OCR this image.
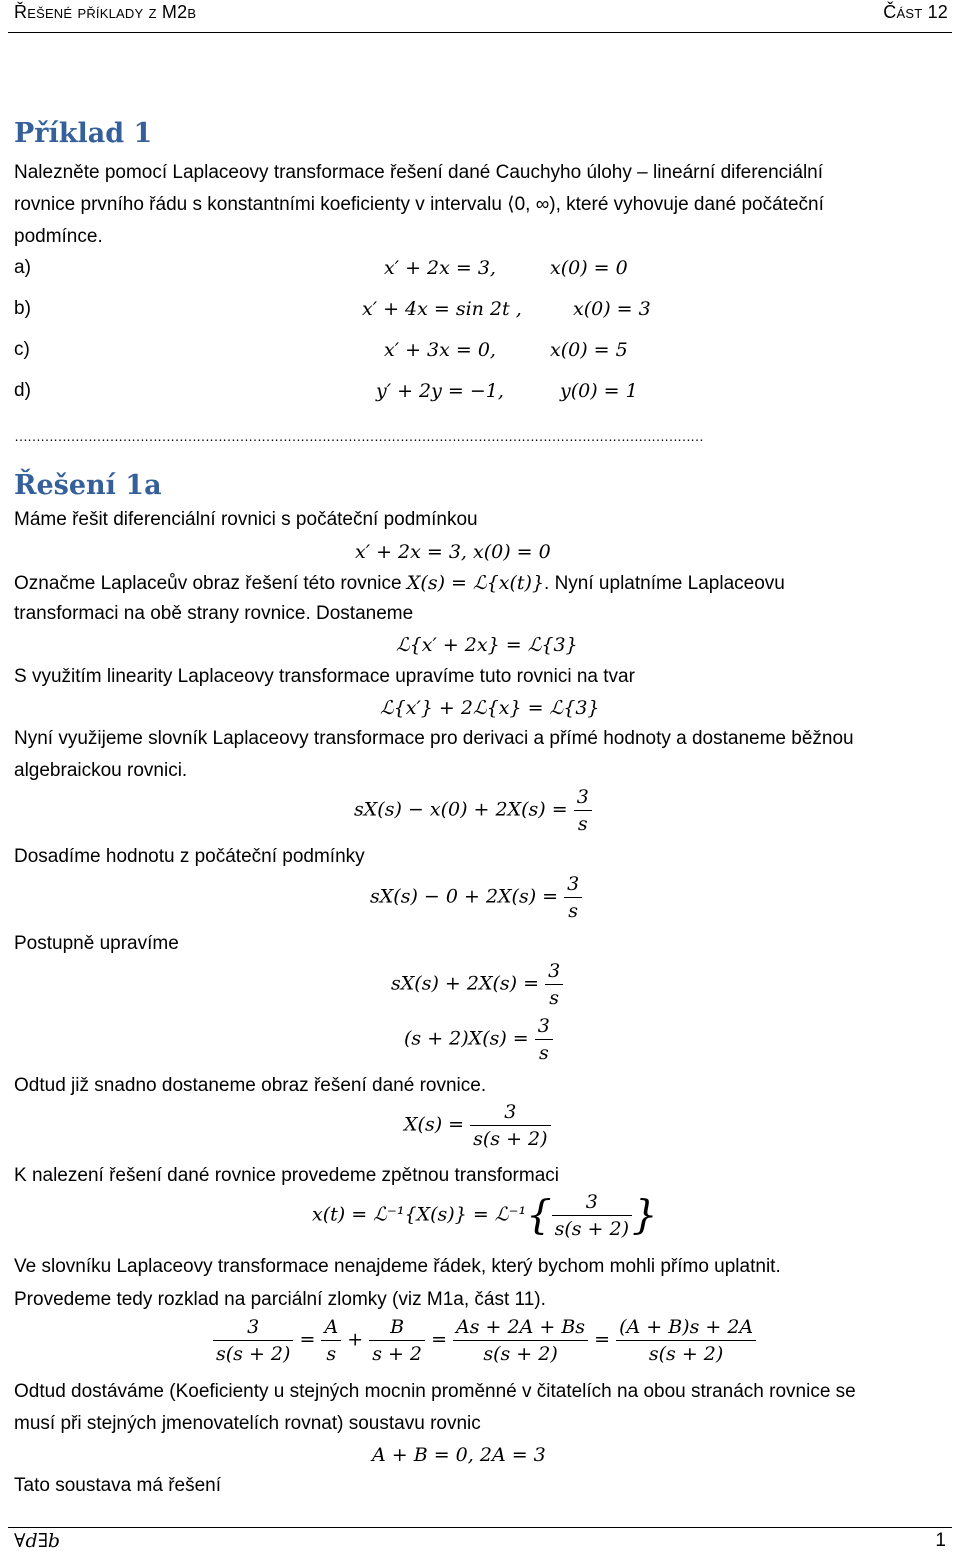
Řešené příklady z M2b	Část 12
Příklad 1
Nalezněte pomocí Laplaceovy transformace řešení dané Cauchyho úlohy – lineární diferenciální
rovnice prvního řádu s konstantními koeficienty v intervalu ⟨0, ∞), které vyhovuje dané počáteční
podmínce.
a)	x′ + 2x = 3,	x(0) = 0
b)	x′ + 4x = sin 2t ,	x(0) = 3
c)	x′ + 3x = 0,	x(0) = 5
d)	y′ + 2y = −1,	y(0) = 1
……………………………………………………………………………………………………………………………………………
Řešení 1a
Máme řešit diferenciální rovnici s počáteční podmínkou
x′ + 2x = 3, x(0) = 0
Označme Laplaceův obraz řešení této rovnice X(s) = ℒ{x(t)}. Nyní uplatníme Laplaceovu
transformaci na obě strany rovnice. Dostaneme
ℒ{x′ + 2x} = ℒ{3}
S využitím linearity Laplaceovy transformace upravíme tuto rovnici na tvar
ℒ{x′} + 2ℒ{x} = ℒ{3}
Nyní využijeme slovník Laplaceovy transformace pro derivaci a přímé hodnoty a dostaneme běžnou
algebraickou rovnici.
$sX(s) - x(0) + 2X(s) = \frac{3}{s}$
Dosadíme hodnotu z počáteční podmínky
$sX(s) - 0 + 2X(s) = \frac{3}{s}$
Postupně upravíme
$sX(s) + 2X(s) = \frac{3}{s}$
$(s + 2)X(s) = \frac{3}{s}$
Odtud již snadno dostaneme obraz řešení dané rovnice.
$X(s) = \frac{3}{s(s + 2)}$
K nalezení řešení dané rovnice provedeme zpětnou transformaci
x(t) = ℒ⁻¹{X(s)} = ℒ⁻¹{ $\frac{3}{s(s + 2)}$ }
Ve slovníku Laplaceovy transformace nenajdeme řádek, který bychom mohli přímo uplatnit.
Provedeme tedy rozklad na parciální zlomky (viz M1a, část 11).
$\frac{3}{s(s + 2)} = \frac{A}{s} + \frac{B}{s + 2} = \frac{As + 2A + Bs}{s(s + 2)} = \frac{(A + B)s + 2A}{s(s + 2)}$
Odtud dostáváme (Koeficienty u stejných mocnin proměnné v čitatelích na obou stranách rovnice se
musí při stejných jmenovatelích rovnat) soustavu rovnic
A + B = 0, 2A = 3
Tato soustava má řešení
∀d∃b	1
